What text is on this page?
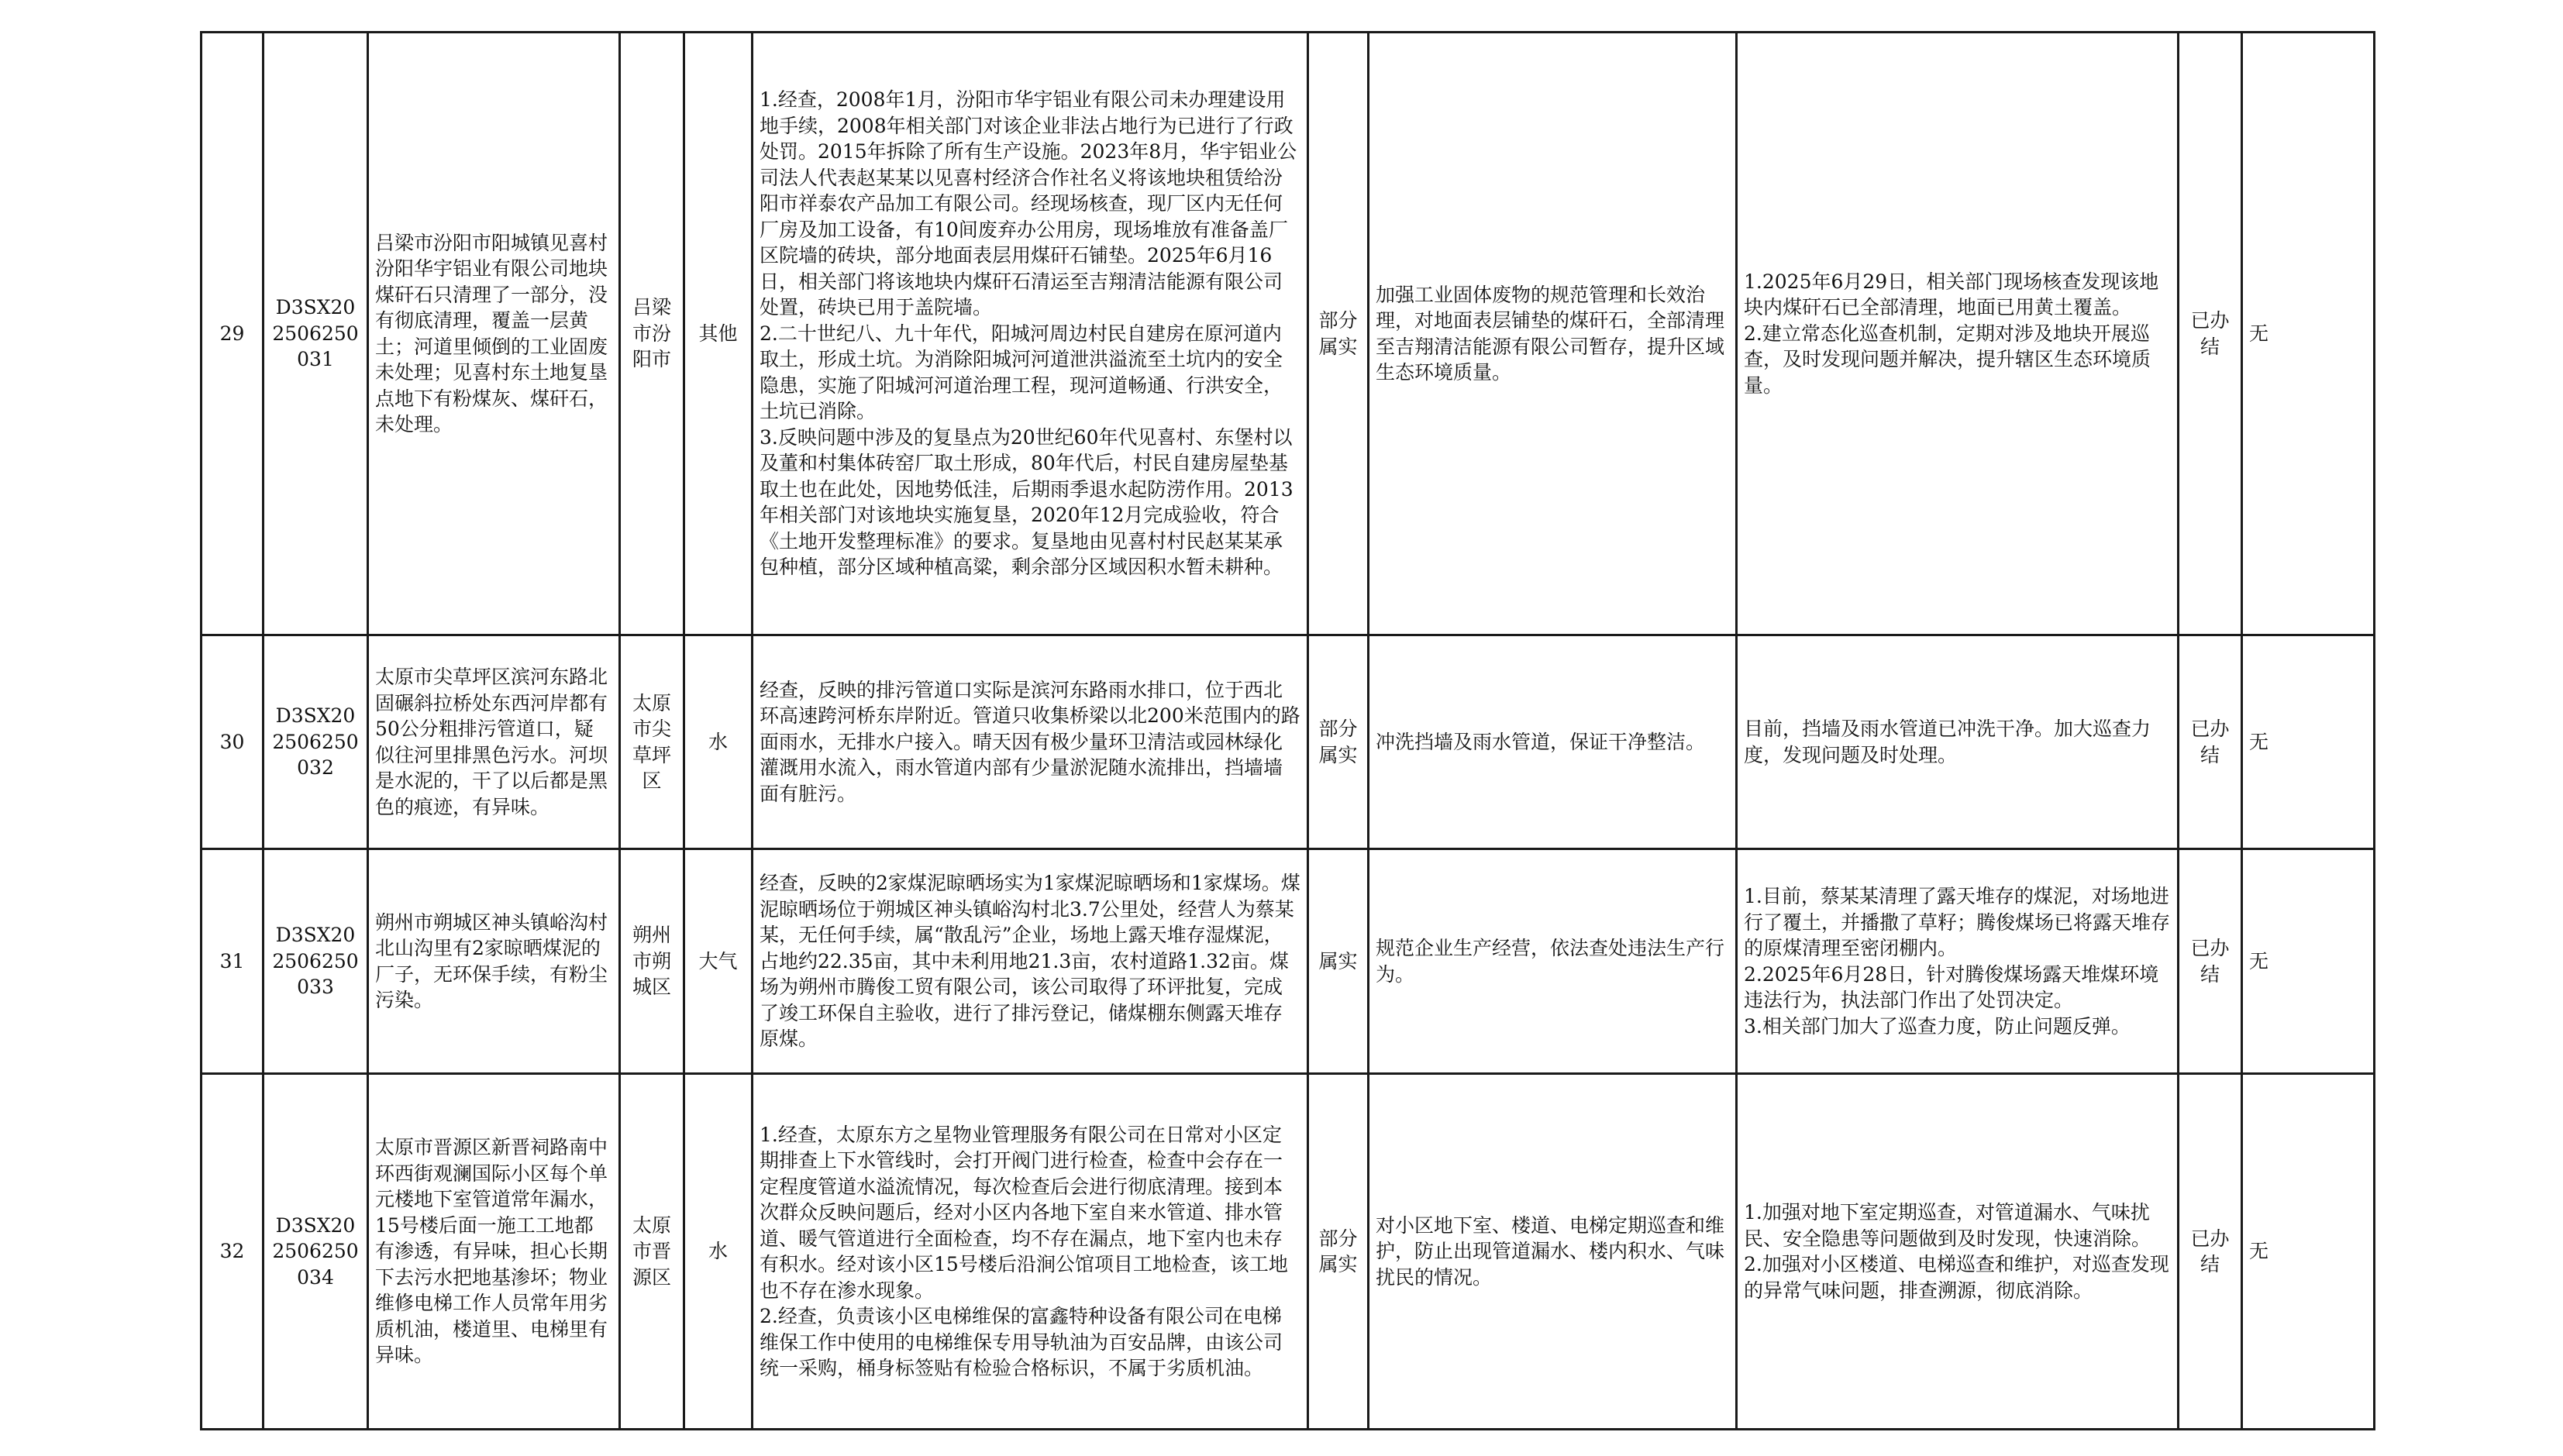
29	D3SX202506250031	吕梁市汾阳市阳城镇见喜村汾阳华宇铝业有限公司地块煤矸石只清理了一部分，没有彻底清理，覆盖一层黄土；河道里倾倒的工业固废未处理；见喜村东土地复垦点地下有粉煤灰、煤矸石，未处理。	吕梁市汾阳市	其他	1.经查，2008年1月，汾阳市华宇铝业有限公司未办理建设用地手续，2008年相关部门对该企业非法占地行为已进行了行政处罚。2015年拆除了所有生产设施。2023年8月，华宇铝业公司法人代表赵某某以见喜村经济合作社名义将该地块租赁给汾阳市祥泰农产品加工有限公司。经现场核查，现厂区内无任何厂房及加工设备，有10间废弃办公用房，现场堆放有准备盖厂区院墙的砖块，部分地面表层用煤矸石铺垫。2025年6月16日，相关部门将该地块内煤矸石清运至吉翔清洁能源有限公司处置，砖块已用于盖院墙。
2.二十世纪八、九十年代，阳城河周边村民自建房在原河道内取土，形成土坑。为消除阳城河河道泄洪溢流至土坑内的安全隐患，实施了阳城河河道治理工程，现河道畅通、行洪安全，土坑已消除。
3.反映问题中涉及的复垦点为20世纪60年代见喜村、东堡村以及董和村集体砖窑厂取土形成，80年代后，村民自建房屋垫基取土也在此处，因地势低洼，后期雨季退水起防涝作用。2013年相关部门对该地块实施复垦，2020年12月完成验收，符合《土地开发整理标准》的要求。复垦地由见喜村村民赵某某承包种植，部分区域种植高粱，剩余部分区域因积水暂未耕种。	部分属实	加强工业固体废物的规范管理和长效治理，对地面表层铺垫的煤矸石，全部清理至吉翔清洁能源有限公司暂存，提升区域生态环境质量。	1.2025年6月29日，相关部门现场核查发现该地块内煤矸石已全部清理，地面已用黄土覆盖。
2.建立常态化巡查机制，定期对涉及地块开展巡查，及时发现问题并解决，提升辖区生态环境质量。	已办结	无
30	D3SX202506250032	太原市尖草坪区滨河东路北固碾斜拉桥处东西河岸都有50公分粗排污管道口，疑似往河里排黑色污水。河坝是水泥的，干了以后都是黑色的痕迹，有异味。	太原市尖草坪区	水	经查，反映的排污管道口实际是滨河东路雨水排口，位于西北环高速跨河桥东岸附近。管道只收集桥梁以北200米范围内的路面雨水，无排水户接入。晴天因有极少量环卫清洁或园林绿化灌溉用水流入，雨水管道内部有少量淤泥随水流排出，挡墙墙面有脏污。	部分属实	冲洗挡墙及雨水管道，保证干净整洁。	目前，挡墙及雨水管道已冲洗干净。加大巡查力度，发现问题及时处理。	已办结	无
31	D3SX202506250033	朔州市朔城区神头镇峪沟村北山沟里有2家晾晒煤泥的厂子，无环保手续，有粉尘污染。	朔州市朔城区	大气	经查，反映的2家煤泥晾晒场实为1家煤泥晾晒场和1家煤场。煤泥晾晒场位于朔城区神头镇峪沟村北3.7公里处，经营人为蔡某某，无任何手续，属“散乱污”企业，场地上露天堆存湿煤泥，占地约22.35亩，其中未利用地21.3亩，农村道路1.32亩。煤场为朔州市腾俊工贸有限公司，该公司取得了环评批复，完成了竣工环保自主验收，进行了排污登记，储煤棚东侧露天堆存原煤。	属实	规范企业生产经营，依法查处违法生产行为。	1.目前，蔡某某清理了露天堆存的煤泥，对场地进行了覆土，并播撒了草籽；腾俊煤场已将露天堆存的原煤清理至密闭棚内。
2.2025年6月28日，针对腾俊煤场露天堆煤环境违法行为，执法部门作出了处罚决定。
3.相关部门加大了巡查力度，防止问题反弹。	已办结	无
32	D3SX202506250034	太原市晋源区新晋祠路南中环西街观澜国际小区每个单元楼地下室管道常年漏水，15号楼后面一施工工地都有渗透，有异味，担心长期下去污水把地基渗坏；物业维修电梯工作人员常年用劣质机油，楼道里、电梯里有异味。	太原市晋源区	水	1.经查，太原东方之星物业管理服务有限公司在日常对小区定期排查上下水管线时，会打开阀门进行检查，检查中会存在一定程度管道水溢流情况，每次检查后会进行彻底清理。接到本次群众反映问题后，经对小区内各地下室自来水管道、排水管道、暖气管道进行全面检查，均不存在漏点，地下室内也未存有积水。经对该小区15号楼后沿涧公馆项目工地检查，该工地也不存在渗水现象。
2.经查，负责该小区电梯维保的富鑫特种设备有限公司在电梯维保工作中使用的电梯维保专用导轨油为百安品牌，由该公司统一采购，桶身标签贴有检验合格标识，不属于劣质机油。	部分属实	对小区地下室、楼道、电梯定期巡查和维护，防止出现管道漏水、楼内积水、气味扰民的情况。	1.加强对地下室定期巡查，对管道漏水、气味扰民、安全隐患等问题做到及时发现，快速消除。
2.加强对小区楼道、电梯巡查和维护，对巡查发现的异常气味问题，排查溯源，彻底消除。	已办结	无
